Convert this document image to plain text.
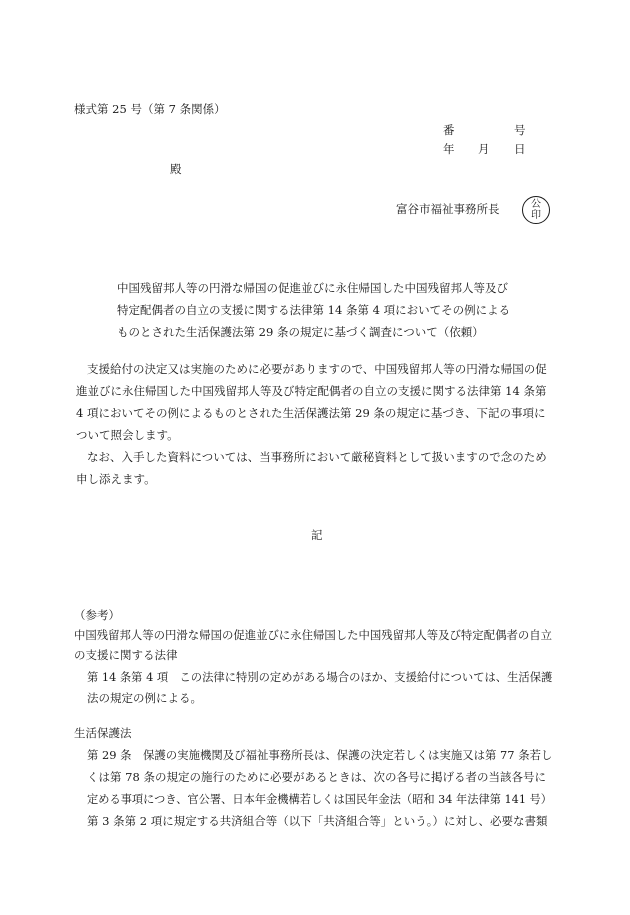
様式第 25 号（第 7 条関係）
番	号
年 月 日
殿
富谷市福祉事務所長	公
印
中国残留邦人等の円滑な帰国の促進並びに永住帰国した中国残留邦人等及び
特定配偶者の自立の支援に関する法律第 14 条第 4 項においてその例による
ものとされた生活保護法第 29 条の規定に基づく調査について（依頼）
支援給付の決定又は実施のために必要がありますので、中国残留邦人等の円滑な帰国の促
進並びに永住帰国した中国残留邦人等及び特定配偶者の自立の支援に関する法律第 14 条第
4 項においてその例によるものとされた生活保護法第 29 条の規定に基づき、下記の事項に
ついて照会します。
なお、入手した資料については、当事務所において厳秘資料として扱いますので念のため
申し添えます。
記
（参考）
中国残留邦人等の円滑な帰国の促進並びに永住帰国した中国残留邦人等及び特定配偶者の自立
の支援に関する法律
第 14 条第 4 項　この法律に特別の定めがある場合のほか、支援給付については、生活保護
法の規定の例による。
生活保護法
第 29 条　保護の実施機関及び福祉事務所長は、保護の決定若しくは実施又は第 77 条若し
くは第 78 条の規定の施行のために必要があるときは、次の各号に掲げる者の当該各号に
定める事項につき、官公署、日本年金機構若しくは国民年金法（昭和 34 年法律第 141 号）
第 3 条第 2 項に規定する共済組合等（以下「共済組合等」という。）に対し、必要な書類
